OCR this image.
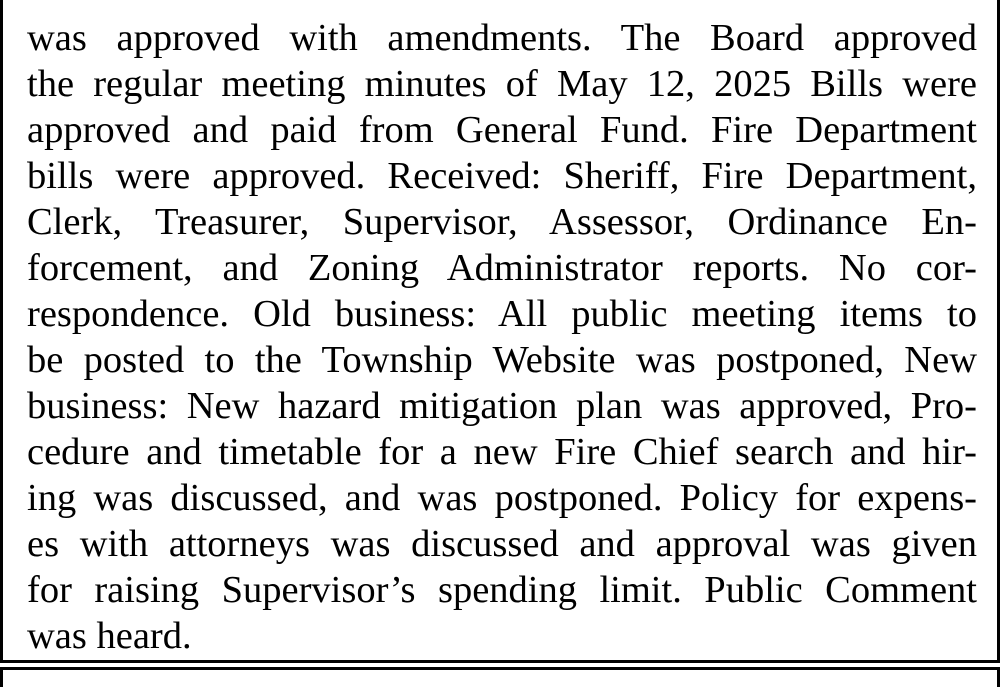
was approved with amendments. The Board approved
the regular meeting minutes of May 12, 2025 Bills were
approved and paid from General Fund. Fire Department
bills were approved. Received: Sheriff, Fire Department,
Clerk, Treasurer, Supervisor, Assessor, Ordinance En-
forcement, and Zoning Administrator reports. No cor-
respondence. Old business: All public meeting items to
be posted to the Township Website was postponed, New
business: New hazard mitigation plan was approved, Pro-
cedure and timetable for a new Fire Chief search and hir-
ing was discussed, and was postponed. Policy for expens-
es with attorneys was discussed and approval was given
for raising Supervisor’s spending limit. Public Comment
was heard.
